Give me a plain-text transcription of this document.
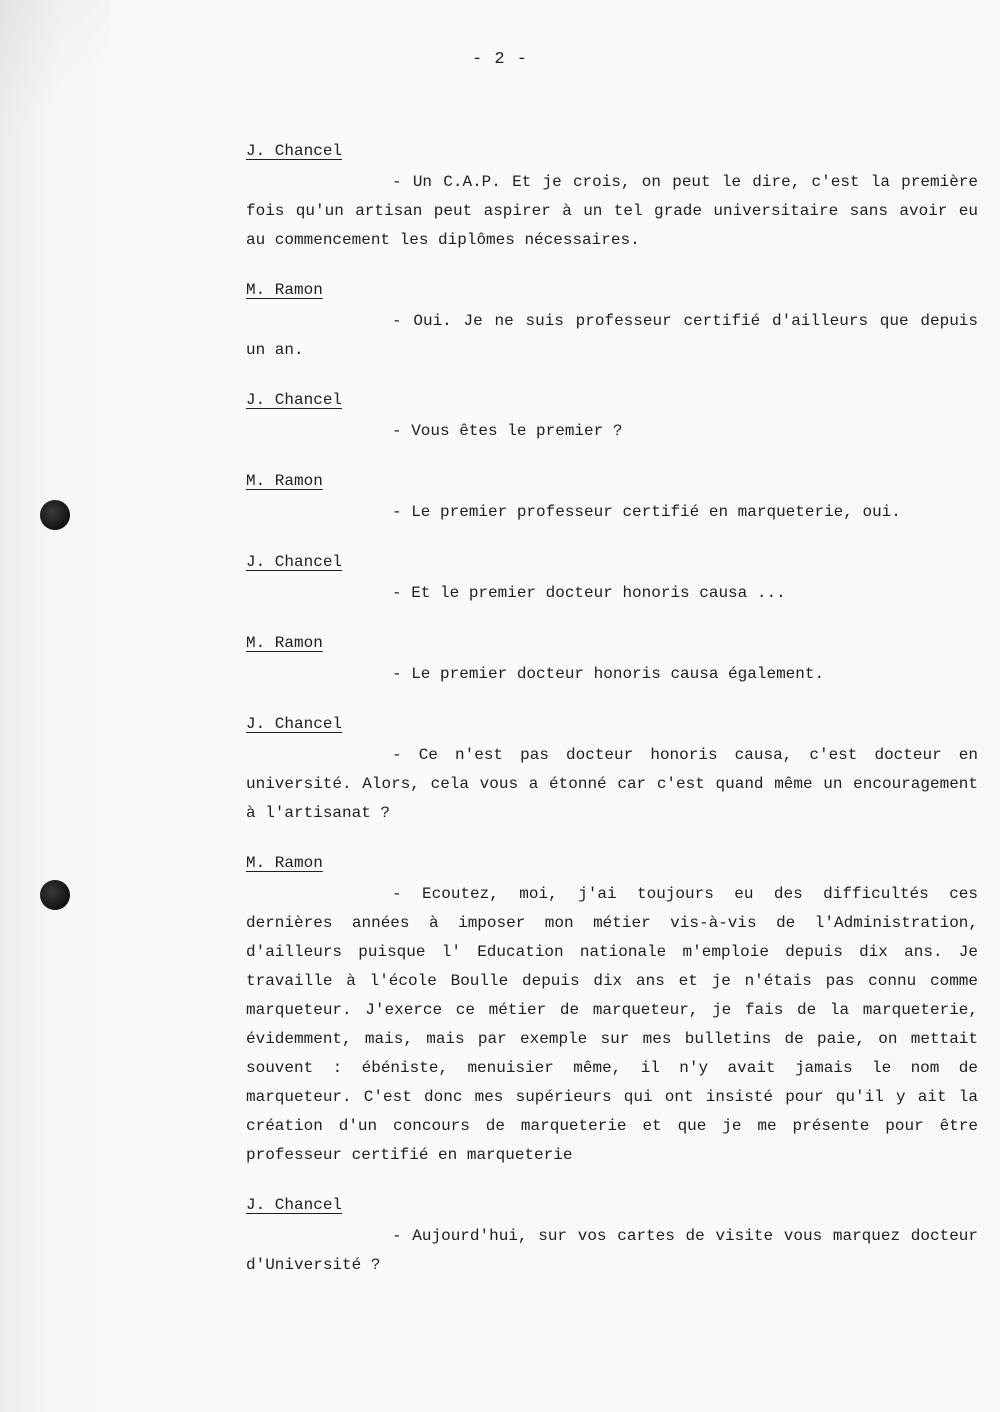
- 2 -
J. Chancel
- Un C.A.P. Et je crois, on peut le dire, c'est la première fois qu'un artisan peut aspirer à un tel grade universitaire sans avoir eu au commencement les diplômes nécessaires.
M. Ramon
- Oui. Je ne suis professeur certifié d'ailleurs que depuis un an.
J. Chancel
- Vous êtes le premier ?
M. Ramon
- Le premier professeur certifié en marqueterie, oui.
J. Chancel
- Et le premier docteur honoris causa ...
M. Ramon
- Le premier docteur honoris causa également.
J. Chancel
- Ce n'est pas docteur honoris causa, c'est docteur en université. Alors, cela vous a étonné car c'est quand même un encouragement à l'artisanat ?
M. Ramon
- Ecoutez, moi, j'ai toujours eu des difficultés ces dernières années à imposer mon métier vis-à-vis de l'Administration, d'ailleurs puisque l' Education nationale m'emploie depuis dix ans. Je travaille à l'école Boulle depuis dix ans et je n'étais pas connu comme marqueteur. J'exerce ce métier de marqueteur, je fais de la marqueterie, évidemment, mais, mais par exemple sur mes bulletins de paie, on mettait souvent : ébéniste, menuisier même, il n'y avait jamais le nom de marqueteur. C'est donc mes supérieurs qui ont insisté pour qu'il y ait la création d'un concours de marqueterie et que je me présente pour être professeur certifié en marqueterie
J. Chancel
- Aujourd'hui, sur vos cartes de visite vous marquez docteur d'Université ?
